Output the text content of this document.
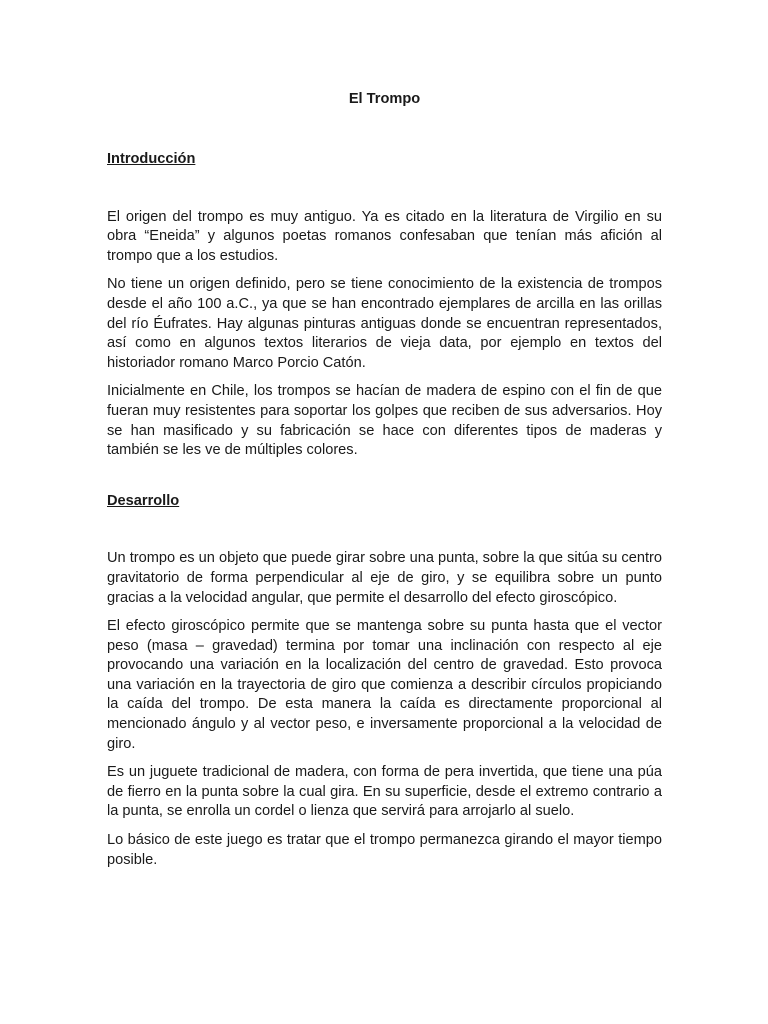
El Trompo

Introducción

El origen del trompo es muy antiguo. Ya es citado en la literatura de Virgilio en su obra “Eneida” y algunos poetas romanos confesaban que tenían más afición al trompo que a los estudios.

No tiene un origen definido, pero se tiene conocimiento de la existencia de trompos desde el año 100 a.C., ya que se han encontrado ejemplares de arcilla en las orillas del río Éufrates. Hay algunas pinturas antiguas donde se encuentran representados, así como en algunos textos literarios de vieja data, por ejemplo en textos del historiador romano Marco Porcio Catón.

Inicialmente en Chile, los trompos se hacían de madera de espino con el fin de que fueran muy resistentes para soportar los golpes que reciben de sus adversarios. Hoy se han masificado y su fabricación se hace con diferentes tipos de maderas y también se les ve de múltiples colores.

Desarrollo

Un trompo es un objeto que puede girar sobre una punta, sobre la que sitúa su centro gravitatorio de forma perpendicular al eje de giro, y se equilibra sobre un punto gracias a la velocidad angular, que permite el desarrollo del efecto giroscópico.

El efecto giroscópico permite que se mantenga sobre su punta hasta que el vector peso (masa – gravedad) termina por tomar una inclinación con respecto al eje provocando una variación en la localización del centro de gravedad. Esto provoca una variación en la trayectoria de giro que comienza a describir círculos propiciando la caída del trompo. De esta manera la caída es directamente proporcional al mencionado ángulo y al vector peso, e inversamente proporcional a la velocidad de giro.

Es un juguete tradicional de madera, con forma de pera invertida, que tiene una púa de fierro en la punta sobre la cual gira. En su superficie, desde el extremo contrario a la punta, se enrolla un cordel o lienza que servirá para arrojarlo al suelo.

Lo básico de este juego es tratar que el trompo permanezca girando el mayor tiempo posible.
